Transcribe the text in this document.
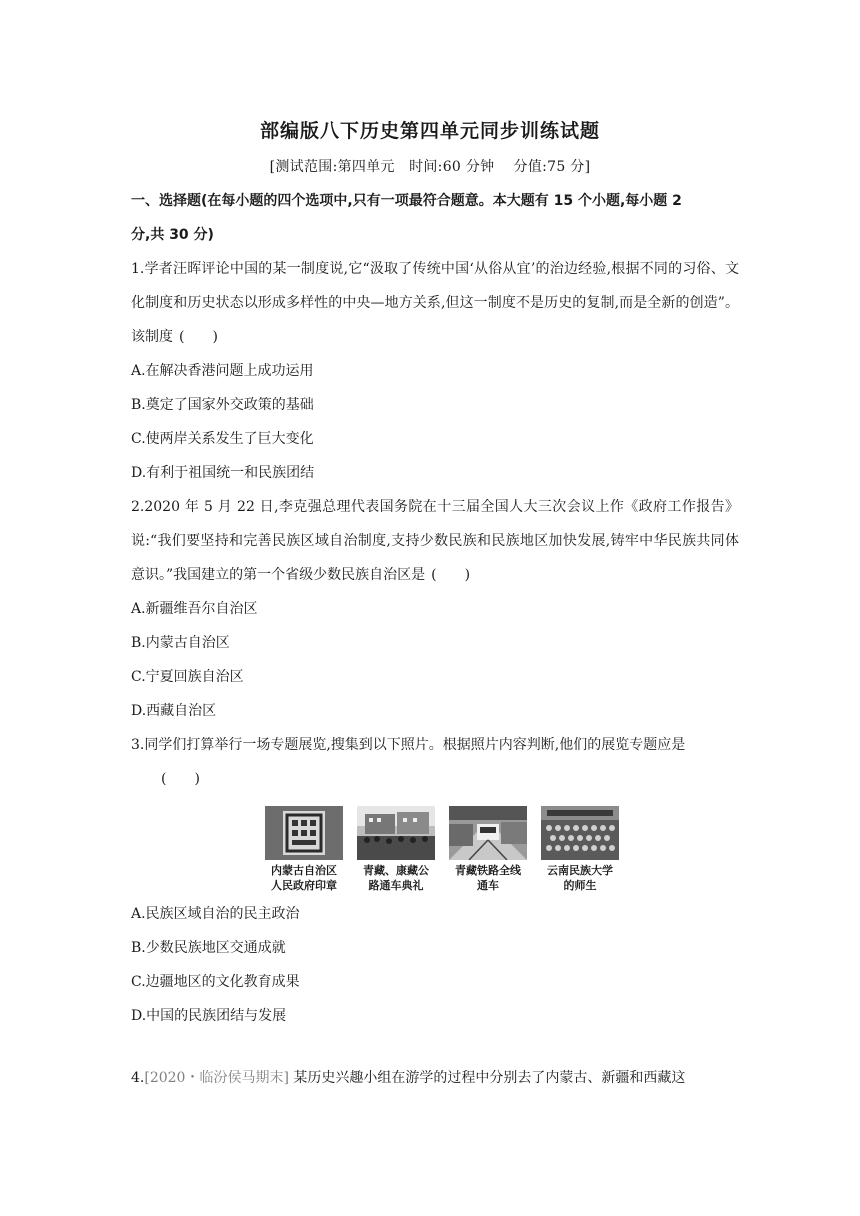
部编版八下历史第四单元同步训练试题
[测试范围:第四单元　时间:60 分钟　 分值:75 分]
一、选择题(在每小题的四个选项中,只有一项最符合题意。本大题有 15 个小题,每小题 2
分,共 30 分)
1.学者汪晖评论中国的某一制度说,它“汲取了传统中国‘从俗从宜’的治边经验,根据不同的习俗、文化制度和历史状态以形成多样性的中央—地方关系,但这一制度不是历史的复制,而是全新的创造”。该制度 (　　)
A.在解决香港问题上成功运用
B.奠定了国家外交政策的基础
C.使两岸关系发生了巨大变化
D.有利于祖国统一和民族团结
2.2020 年 5 月 22 日,李克强总理代表国务院在十三届全国人大三次会议上作《政府工作报告》说:“我们要坚持和完善民族区域自治制度,支持少数民族和民族地区加快发展,铸牢中华民族共同体意识。”我国建立的第一个省级少数民族自治区是 (　　)
A.新疆维吾尔自治区
B.内蒙古自治区
C.宁夏回族自治区
D.西藏自治区
3.同学们打算举行一场专题展览,搜集到以下照片。根据照片内容判断,他们的展览专题应是
(　　)
内蒙古自治区人民政府印章
青藏、康藏公路通车典礼
青藏铁路全线通车
云南民族大学的师生
A.民族区域自治的民主政治
B.少数民族地区交通成就
C.边疆地区的文化教育成果
D.中国的民族团结与发展
4.[2020・临汾侯马期末] 某历史兴趣小组在游学的过程中分别去了内蒙古、新疆和西藏这
